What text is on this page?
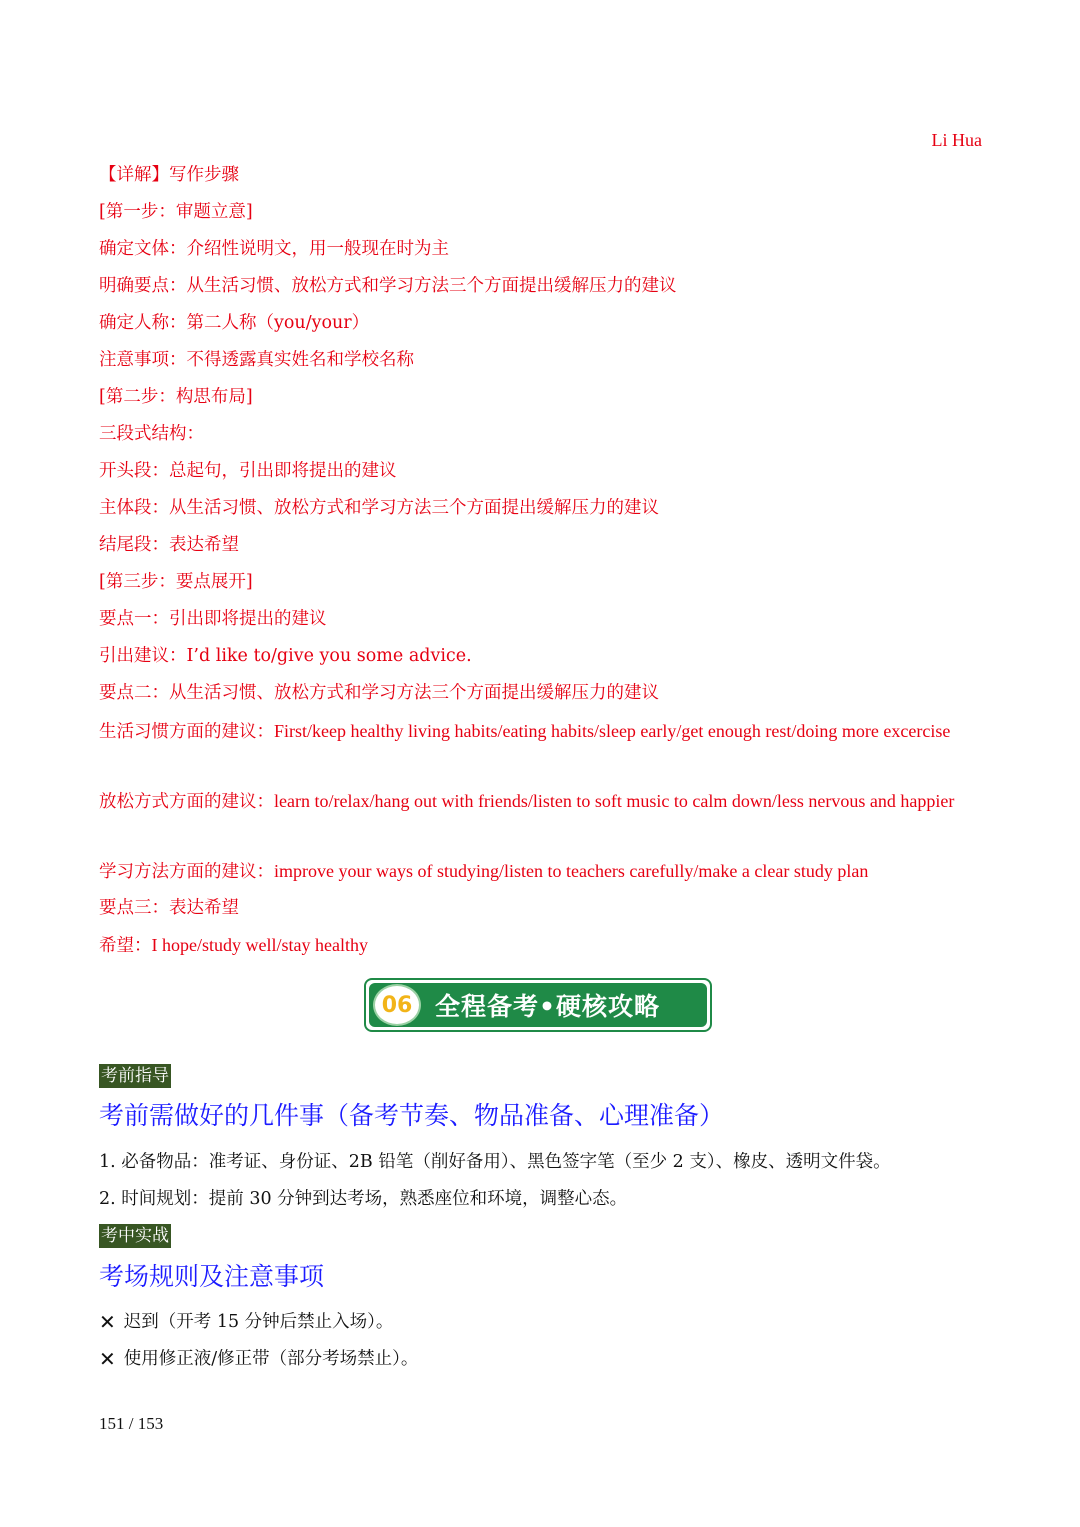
Li Hua
【详解】写作步骤
[第一步：审题立意]
确定文体：介绍性说明文，用一般现在时为主
明确要点：从生活习惯、放松方式和学习方法三个方面提出缓解压力的建议
确定人称：第二人称（you/your）
注意事项：不得透露真实姓名和学校名称
[第二步：构思布局]
三段式结构：
开头段：总起句，引出即将提出的建议
主体段：从生活习惯、放松方式和学习方法三个方面提出缓解压力的建议
结尾段：表达希望
[第三步：要点展开]
要点一：引出即将提出的建议
引出建议：I’d like to/give you some advice.
要点二：从生活习惯、放松方式和学习方法三个方面提出缓解压力的建议
生活习惯方面的建议：First/keep healthy living habits/eating habits/sleep early/get enough rest/doing more excercise
放松方式方面的建议：learn to/relax/hang out with friends/listen to soft music to calm down/less nervous and happier
学习方法方面的建议：improve your ways of studying/listen to teachers carefully/make a clear study plan
要点三：表达希望
希望：I hope/study well/stay healthy
06 全程备考•硬核攻略
考前指导
考前需做好的几件事（备考节奏、物品准备、心理准备）
1. 必备物品：准考证、身份证、2B 铅笔（削好备用）、黑色签字笔（至少 2 支）、橡皮、透明文件袋。
2. 时间规划：提前 30 分钟到达考场，熟悉座位和环境，调整心态。
考中实战
考场规则及注意事项
✕ 迟到（开考 15 分钟后禁止入场）。
✕ 使用修正液/修正带（部分考场禁止）。
151 / 153
